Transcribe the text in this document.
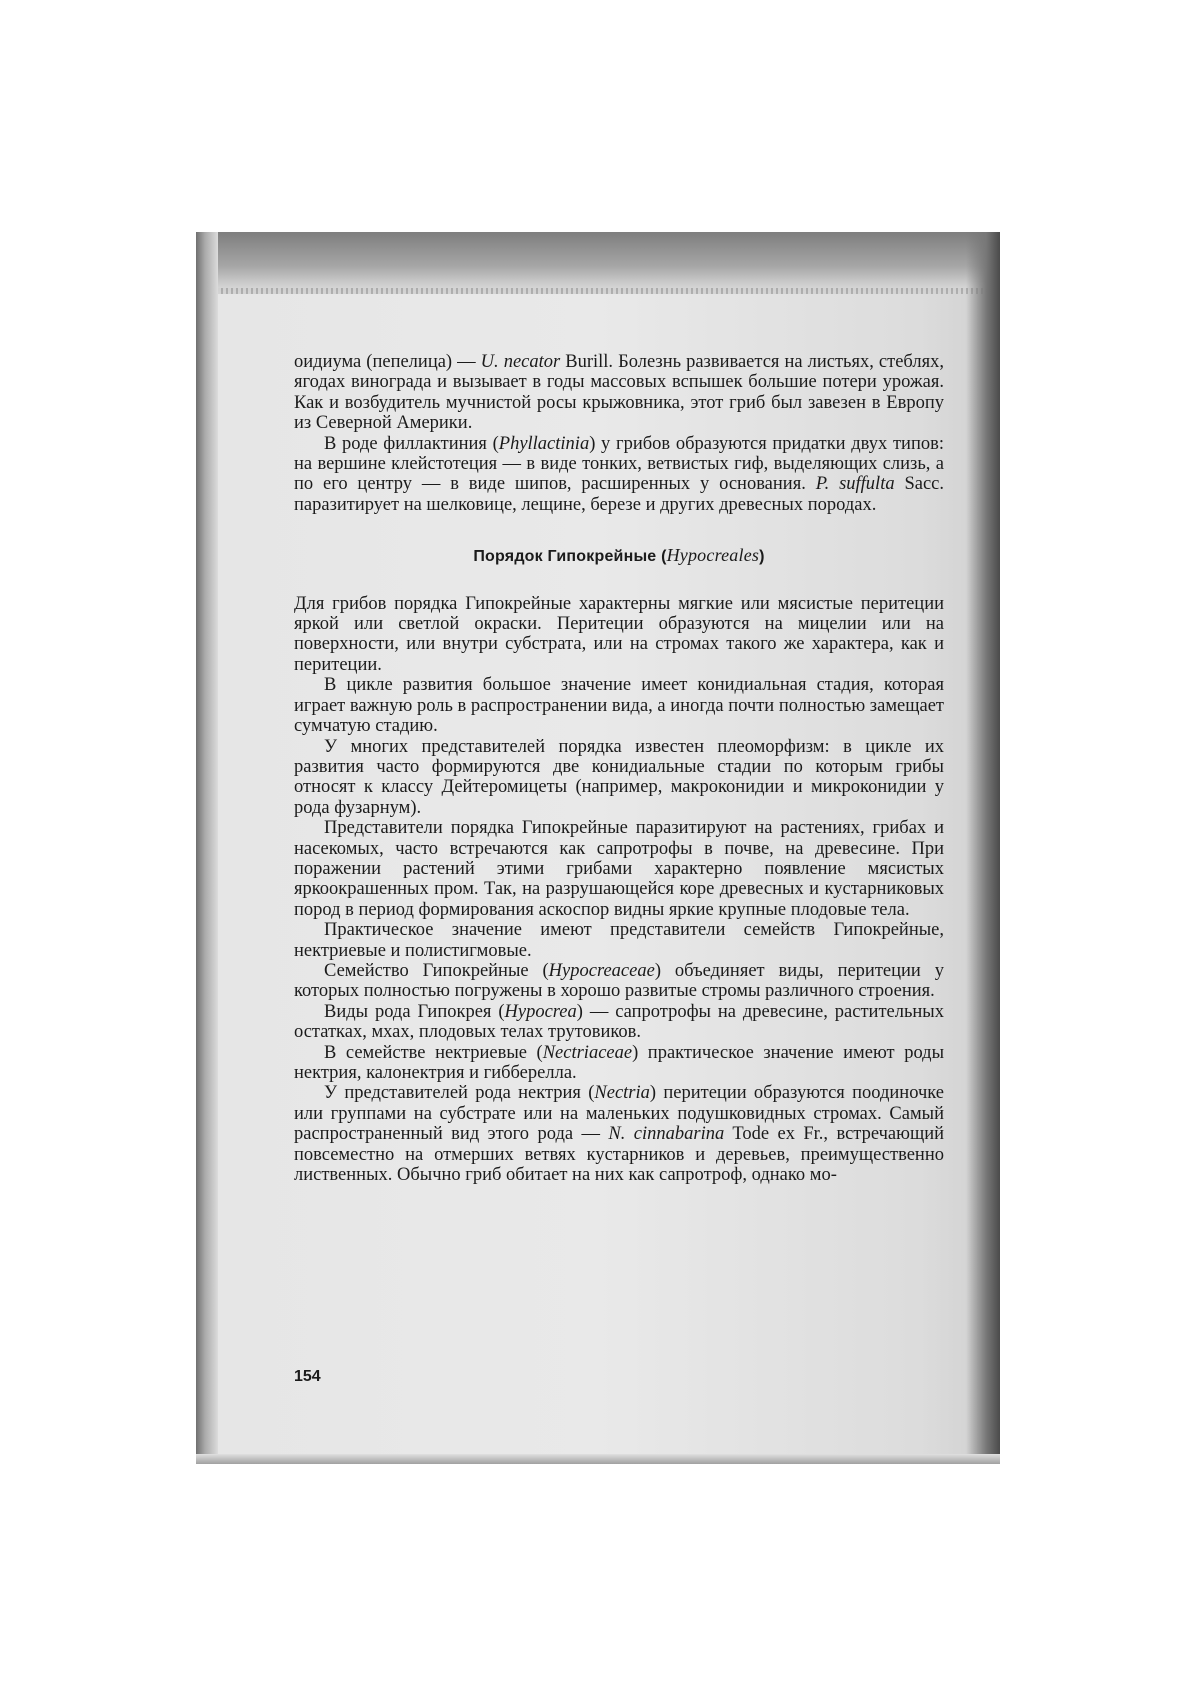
оидиума (пепелица) — U. necator Burill. Болезнь развивается на листьях, стеблях, ягодах винограда и вызывает в годы массовых вспышек большие потери урожая. Как и возбудитель мучнистой росы крыжовника, этот гриб был завезен в Европу из Северной Америки.

В роде филлактиния (Phyllactinia) у грибов образуются придатки двух типов: на вершине клейстотеция — в виде тонких, ветвистых гиф, выделяющих слизь, а по его центру — в виде шипов, расширенных у основания. P. suffulta Sacc. паразитирует на шелковице, лещине, березе и других древесных породах.

Порядок Гипокрейные (Hypocreales)

Для грибов порядка Гипокрейные характерны мягкие или мясистые перитеции яркой или светлой окраски. Перитеции образуются на мицелии или на поверхности, или внутри субстрата, или на стромах такого же характера, как и перитеции.

В цикле развития большое значение имеет конидиальная стадия, которая играет важную роль в распространении вида, а иногда почти полностью замещает сумчатую стадию.

У многих представителей порядка известен плеоморфизм: в цикле их развития часто формируются две конидиальные стадии по которым грибы относят к классу Дейтеромицеты (например, макроконидии и микроконидии у рода фузарнум).

Представители порядка Гипокрейные паразитируют на растениях, грибах и насекомых, часто встречаются как сапротрофы в почве, на древесине. При поражении растений этими грибами характерно появление мясистых яркоокрашенных пром. Так, на разрушающейся коре древесных и кустарниковых пород в период формирования аскоспор видны яркие крупные плодовые тела.

Практическое значение имеют представители семейств Гипокрейные, нектриевые и полистигмовые.

Семейство Гипокрейные (Hypocreaceae) объединяет виды, перитеции у которых полностью погружены в хорошо развитые стромы различного строения.

Виды рода Гипокрея (Hypocrea) — сапротрофы на древесине, растительных остатках, мхах, плодовых телах трутовиков.

В семействе нектриевые (Nectriaceae) практическое значение имеют роды нектрия, калонектрия и гибберелла.

У представителей рода нектрия (Nectria) перитеции образуются поодиночке или группами на субстрате или на маленьких подушковидных стромах. Самый распространенный вид этого рода — N. cinnabarina Tode ex Fr., встречающий повсеместно на отмерших ветвях кустарников и деревьев, преимущественно лиственных. Обычно гриб обитает на них как сапротроф, однако мо-

154
